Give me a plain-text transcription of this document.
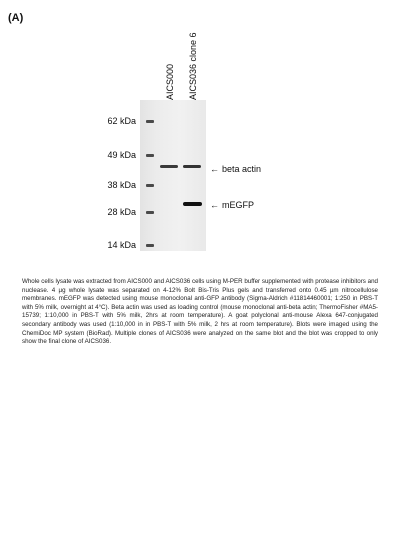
(A)
AICS000 AICS036 clone 6
62 kDa
49 kDa
38 kDa
28 kDa
14 kDa
← beta actin
← mEGFP
Whole cells lysate was extracted from AICS000 and AICS036 cells using M-PER buffer supplemented with protease inhibitors and nuclease. 4 µg whole lysate was separated on 4-12% Bolt Bis-Tris Plus gels and transferred onto 0.45 µm nitrocellulose membranes. mEGFP was detected using mouse monoclonal anti-GFP antibody (Sigma-Aldrich #11814460001; 1:250 in PBS-T with 5% milk, overnight at 4°C). Beta actin was used as loading control (mouse monoclonal anti-beta actin; ThermoFisher #MA5-15739; 1:10,000 in PBS-T with 5% milk, 2hrs at room temperature). A goat polyclonal anti-mouse Alexa 647-conjugated secondary antibody was used (1:10,000 in in PBS-T with 5% milk, 2 hrs at room temperature). Blots were imaged using the ChemiDoc MP system (BioRad). Multiple clones of AICS036 were analyzed on the same blot and the blot was cropped to only show the final clone of AICS036.
